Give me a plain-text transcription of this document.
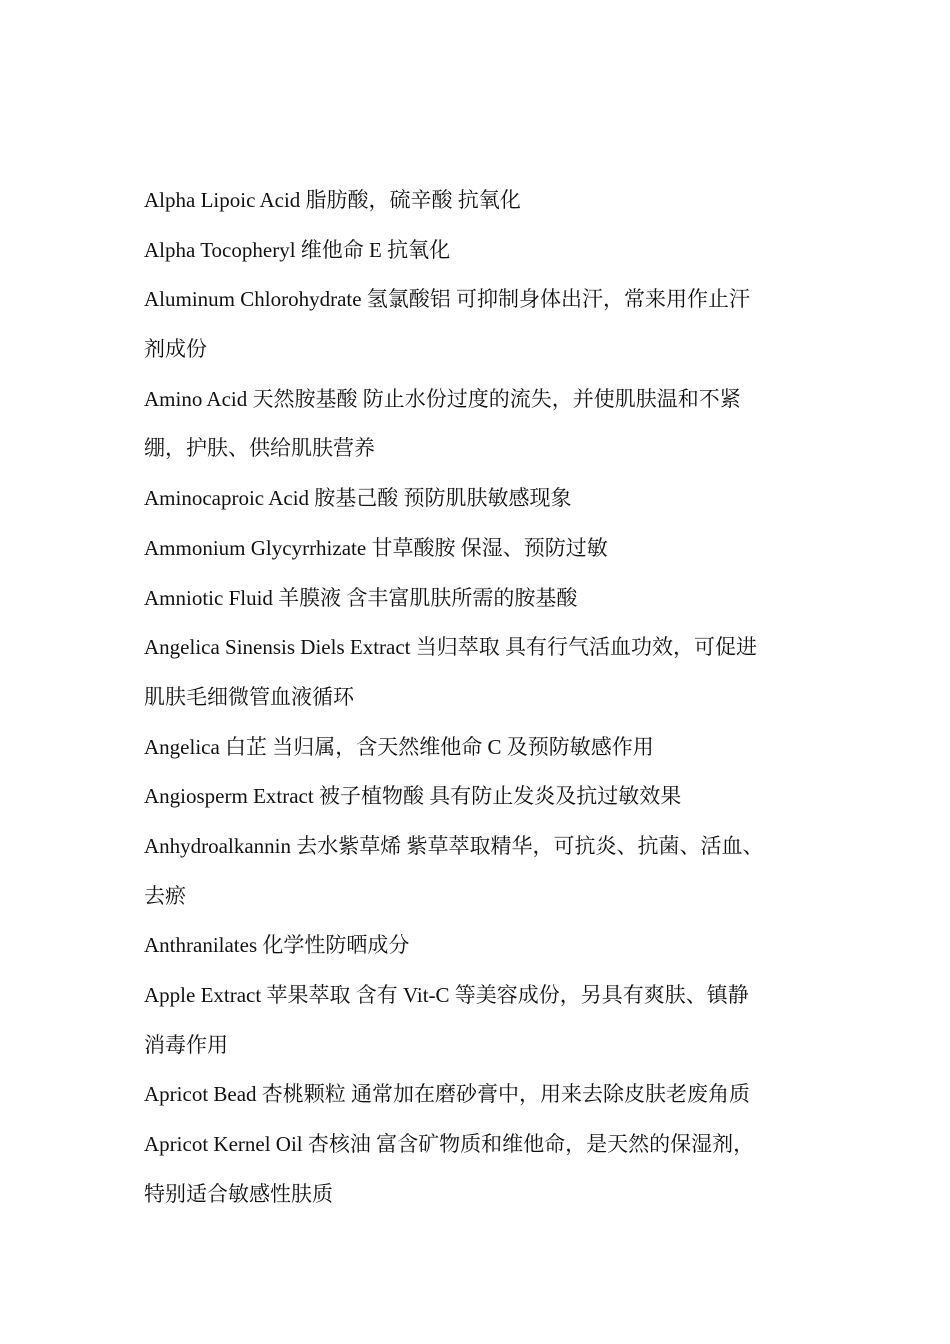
Alpha Lipoic Acid 脂肪酸，硫辛酸 抗氧化
Alpha Tocopheryl 维他命 E 抗氧化
Aluminum Chlorohydrate 氢氯酸铝 可抑制身体出汗，常来用作止汗
剂成份
Amino Acid 天然胺基酸 防止水份过度的流失，并使肌肤温和不紧
绷，护肤、供给肌肤营养
Aminocaproic Acid 胺基己酸 预防肌肤敏感现象
Ammonium Glycyrrhizate 甘草酸胺 保湿、预防过敏
Amniotic Fluid 羊膜液 含丰富肌肤所需的胺基酸
Angelica Sinensis Diels Extract 当归萃取 具有行气活血功效，可促进
肌肤毛细微管血液循环
Angelica 白芷 当归属，含天然维他命 C 及预防敏感作用
Angiosperm Extract 被子植物酸 具有防止发炎及抗过敏效果
Anhydroalkannin 去水紫草烯 紫草萃取精华，可抗炎、抗菌、活血、
去瘀
Anthranilates 化学性防晒成分
Apple Extract 苹果萃取 含有 Vit-C 等美容成份，另具有爽肤、镇静
消毒作用
Apricot Bead 杏桃颗粒 通常加在磨砂膏中，用来去除皮肤老废角质
Apricot Kernel Oil 杏核油 富含矿物质和维他命，是天然的保湿剂，
特别适合敏感性肤质
